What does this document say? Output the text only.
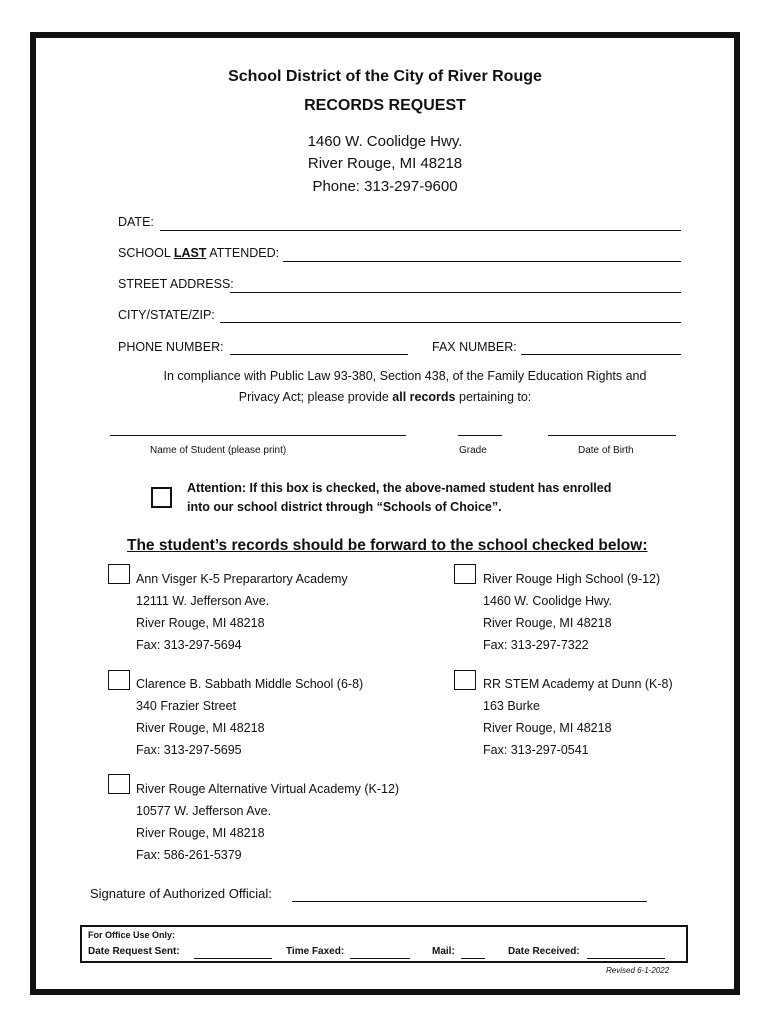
School District of the City of River Rouge
RECORDS REQUEST
1460 W. Coolidge Hwy.
River Rouge, MI 48218
Phone: 313-297-9600
DATE:
SCHOOL LAST ATTENDED:
STREET ADDRESS:
CITY/STATE/ZIP:
PHONE NUMBER:	FAX NUMBER:
In compliance with Public Law 93-380, Section 438, of the Family Education Rights and
Privacy Act; please provide all records pertaining to:
Name of Student (please print)	Grade	Date of Birth
Attention: If this box is checked, the above-named student has enrolled
into our school district through “Schools of Choice”.
The student’s records should be forward to the school checked below:
Ann Visger K-5 Preparartory Academy
12111 W. Jefferson Ave.
River Rouge, MI 48218
Fax: 313-297-5694
River Rouge High School (9-12)
1460 W. Coolidge Hwy.
River Rouge, MI 48218
Fax: 313-297-7322
Clarence B. Sabbath Middle School (6-8)
340 Frazier Street
River Rouge, MI 48218
Fax: 313-297-5695
RR STEM Academy at Dunn (K-8)
163 Burke
River Rouge, MI 48218
Fax: 313-297-0541
River Rouge Alternative Virtual Academy (K-12)
10577 W. Jefferson Ave.
River Rouge, MI 48218
Fax: 586-261-5379
Signature of Authorized Official:
For Office Use Only:
Date Request Sent:	Time Faxed:	Mail:	Date Received:
Revised 6-1-2022
